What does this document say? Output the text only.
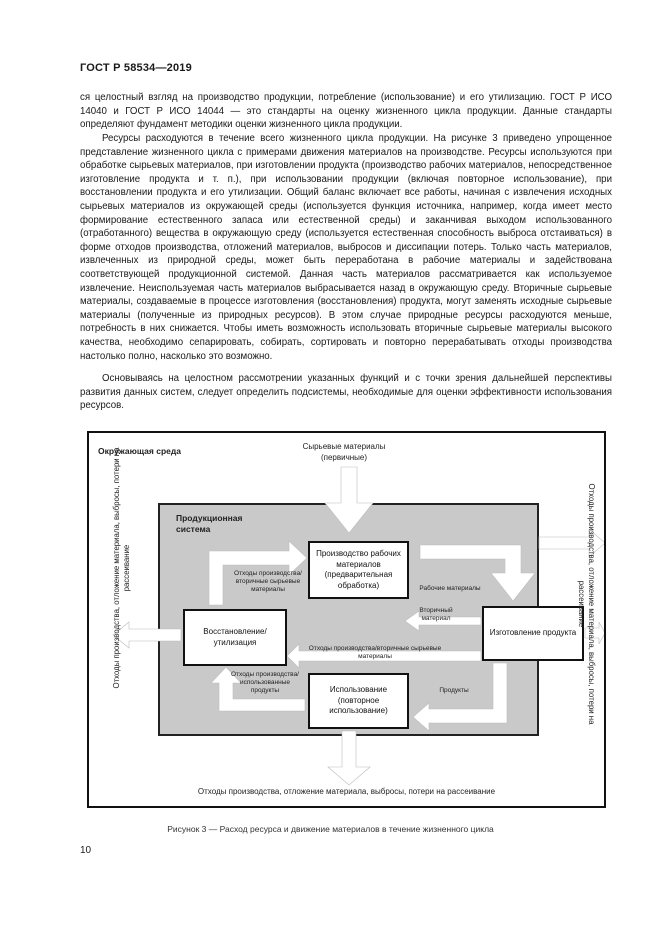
ГОСТ Р 58534—2019

ся целостный взгляд на производство продукции, потребление (использование) и его утилизацию. ГОСТ Р ИСО 14040 и ГОСТ Р ИСО 14044 — это стандарты на оценку жизненного цикла продукции. Данные стандарты определяют фундамент методики оценки жизненного цикла продукции.

Ресурсы расходуются в течение всего жизненного цикла продукции. На рисунке 3 приведено упрощенное представление жизненного цикла с примерами движения материалов на производстве. Ресурсы используются при обработке сырьевых материалов, при изготовлении продукта (производство рабочих материалов, непосредственное изготовление продукта и т. п.), при использовании продукции (включая повторное использование), при восстановлении продукта и его утилизации. Общий баланс включает все работы, начиная с извлечения исходных сырьевых материалов из окружающей среды (используется функция источника, например, когда имеет место формирование естественного запаса или естественной среды) и заканчивая выходом использованного (отработанного) вещества в окружающую среду (используется естественная способность выброса отстаиваться) в форме отходов производства, отложений материалов, выбросов и диссипации потерь. Только часть материалов, извлеченных из природной среды, может быть переработана в рабочие материалы и задействована соответствующей продукционной системой. Данная часть материалов рассматривается как используемое извлечение. Неиспользуемая часть материалов выбрасывается назад в окружающую среду. Вторичные сырьевые материалы, создаваемые в процессе изготовления (восстановления) продукта, могут заменять исходные сырьевые материалы (полученные из природных ресурсов). В этом случае природные ресурсы расходуются меньше, потребность в них снижается. Чтобы иметь возможность использовать вторичные сырьевые материалы высокого качества, необходимо сепарировать, собирать, сортировать и повторно перерабатывать отходы производства настолько полно, насколько это возможно.

Основываясь на целостном рассмотрении указанных функций и с точки зрения дальнейшей перспективы развития данных систем, следует определить подсистемы, необходимые для оценки эффективности использования ресурсов.

Окружающая среда	Сырьевые материалы (первичные)
Продукционная система
Производство рабочих материалов (предварительная обработка)
Восстановление/ утилизация
Изготовление продукта
Использование (повторное использование)
Отходы производства/ вторичные сырьевые материалы	Рабочие материалы
Вторичный материал
Отходы производства/вторичные сырьевые материалы
Отходы производства/ использованные продукты	Продукты
Отходы производства, отложение материала, выбросы, потери на рассеивание	Отходы производства, отложение материала, выбросы, потери на рассеивание
Отходы производства, отложение материала, выбросы, потери на рассеивание
Рисунок 3 — Расход ресурса и движение материалов в течение жизненного цикла
10
